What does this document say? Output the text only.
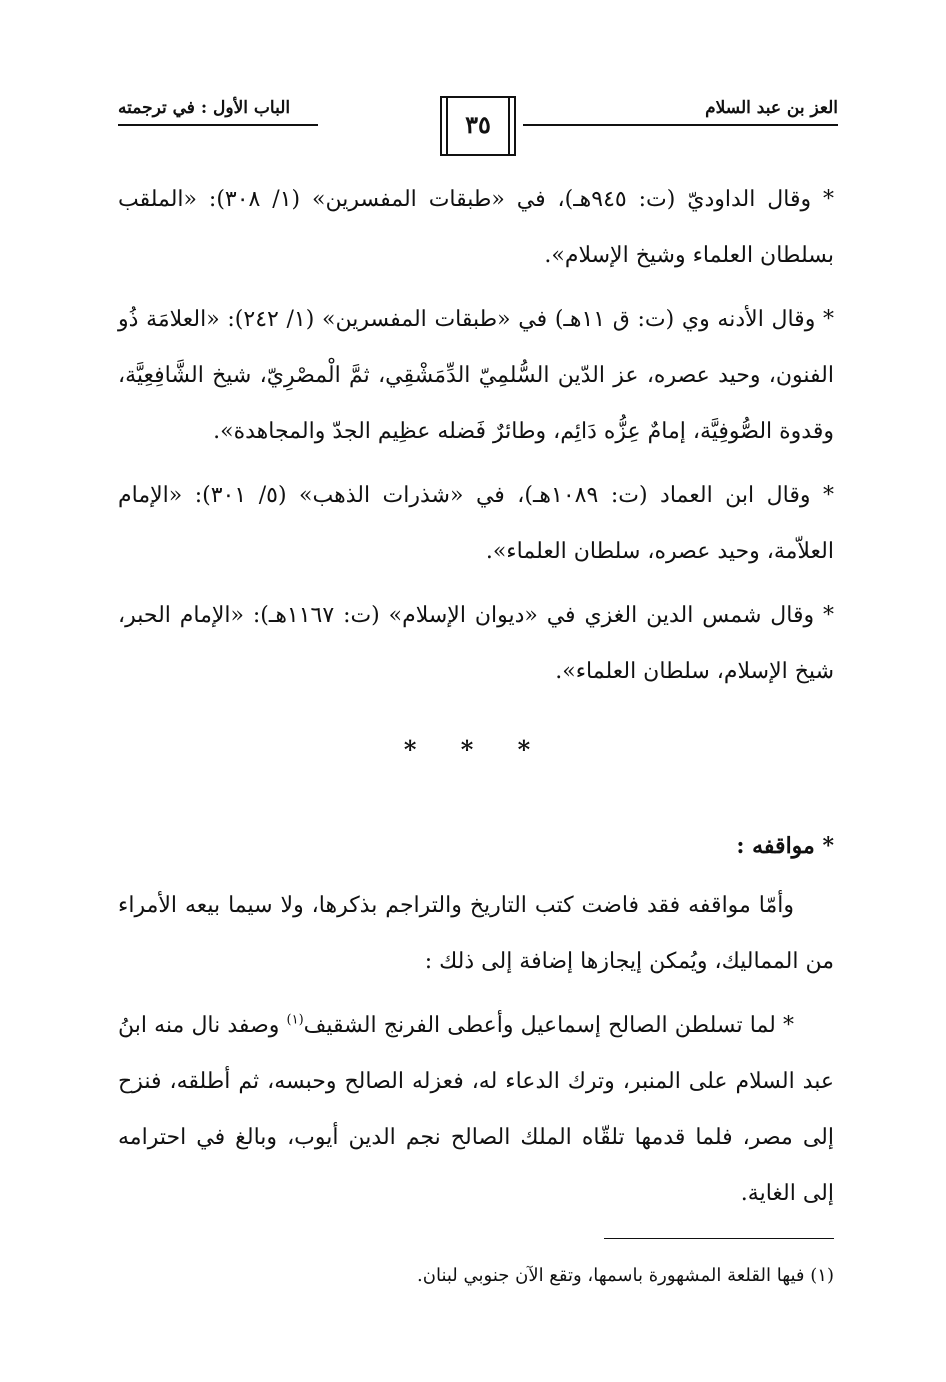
العز بن عبد السلام
الباب الأول : في ترجمته
٣٥

* وقال الداوديّ (ت: ٩٤٥هـ)، في «طبقات المفسرين» (١/ ٣٠٨): «الملقب بسلطان العلماء وشيخ الإسلام».

* وقال الأدنه وي (ت: ق ١١هـ) في «طبقات المفسرين» (١/ ٢٤٢): «العلامَة ذُو الفنون، وحيد عصره، عز الدّين السُّلمِيّ الدِّمَشْقِي، ثمَّ الْمصْرِيّ، شيخ الشَّافِعِيَّة، وقدوة الصُّوفِيَّة، إمامٌ عِزُّه دَائِم، وطائرٌ فَضله عظِيم الجدّ والمجاهدة».

* وقال ابن العماد (ت: ١٠٨٩هـ)، في «شذرات الذهب» (٥/ ٣٠١): «الإمام العلاّمة، وحيد عصره، سلطان العلماء».

* وقال شمس الدين الغزي في «ديوان الإسلام» (ت: ١١٦٧هـ): «الإمام الحبر، شيخ الإسلام، سلطان العلماء».

* * *

* مواقفه :

وأمّا مواقفه فقد فاضت كتب التاريخ والتراجم بذكرها، ولا سيما بيعه الأمراء من المماليك، ويُمكن إيجازها إضافة إلى ذلك :

* لما تسلطن الصالح إسماعيل وأعطى الفرنج الشقيف$^{(١)}$ وصفد نال منه ابنُ عبد السلام على المنبر، وترك الدعاء له، فعزله الصالح وحبسه، ثم أطلقه، فنزح إلى مصر، فلما قدمها تلقّاه الملك الصالح نجم الدين أيوب، وبالغ في احترامه إلى الغاية.

(١) فيها القلعة المشهورة باسمها، وتقع الآن جنوبي لبنان.
